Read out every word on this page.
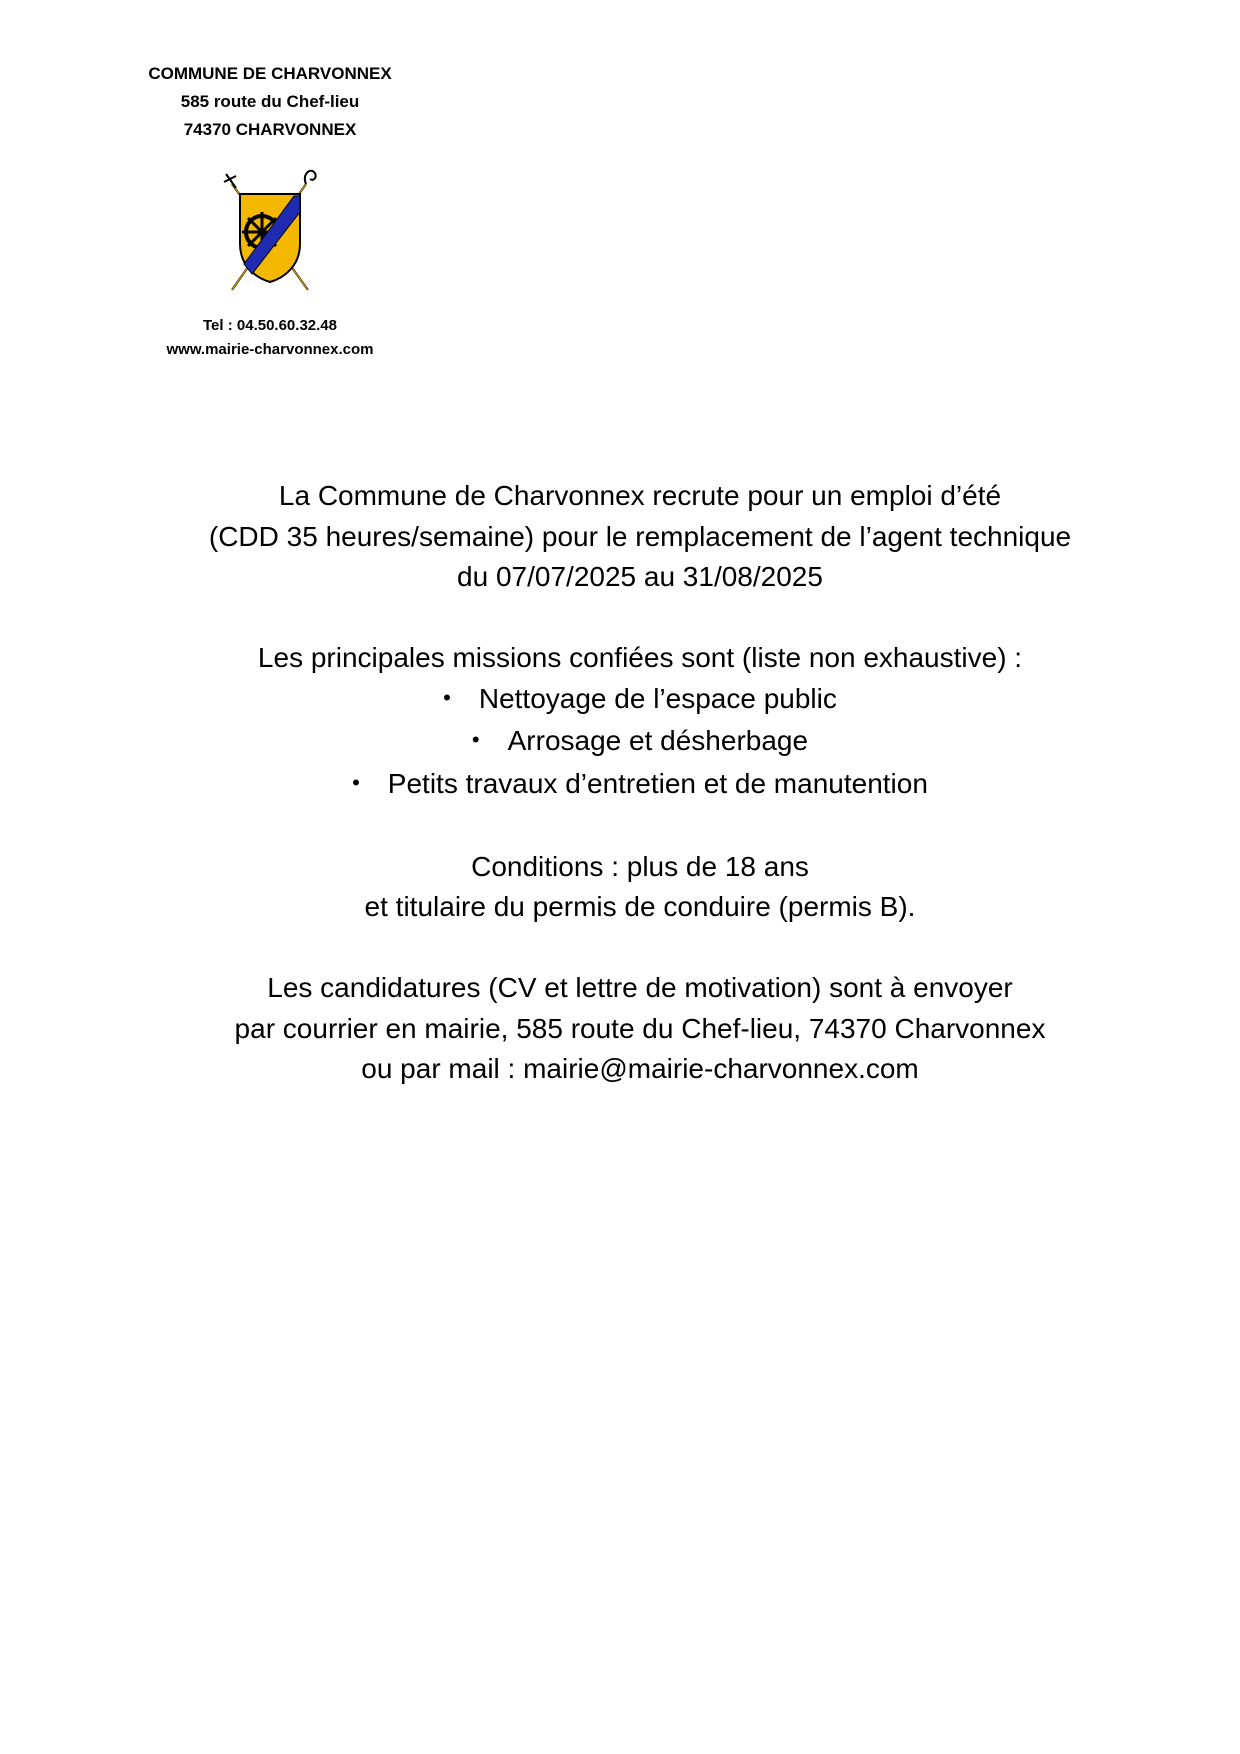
COMMUNE DE CHARVONNEX
585 route du Chef-lieu
74370 CHARVONNEX
Tel : 04.50.60.32.48
www.mairie-charvonnex.com
La Commune de Charvonnex recrute pour un emploi d’été
(CDD 35 heures/semaine) pour le remplacement de l’agent technique
du 07/07/2025 au 31/08/2025
Les principales missions confiées sont (liste non exhaustive) :
• Nettoyage de l’espace public
• Arrosage et désherbage
• Petits travaux d’entretien et de manutention
Conditions : plus de 18 ans
et titulaire du permis de conduire (permis B).
Les candidatures (CV et lettre de motivation) sont à envoyer
par courrier en mairie, 585 route du Chef-lieu, 74370 Charvonnex
ou par mail : mairie@mairie-charvonnex.com
